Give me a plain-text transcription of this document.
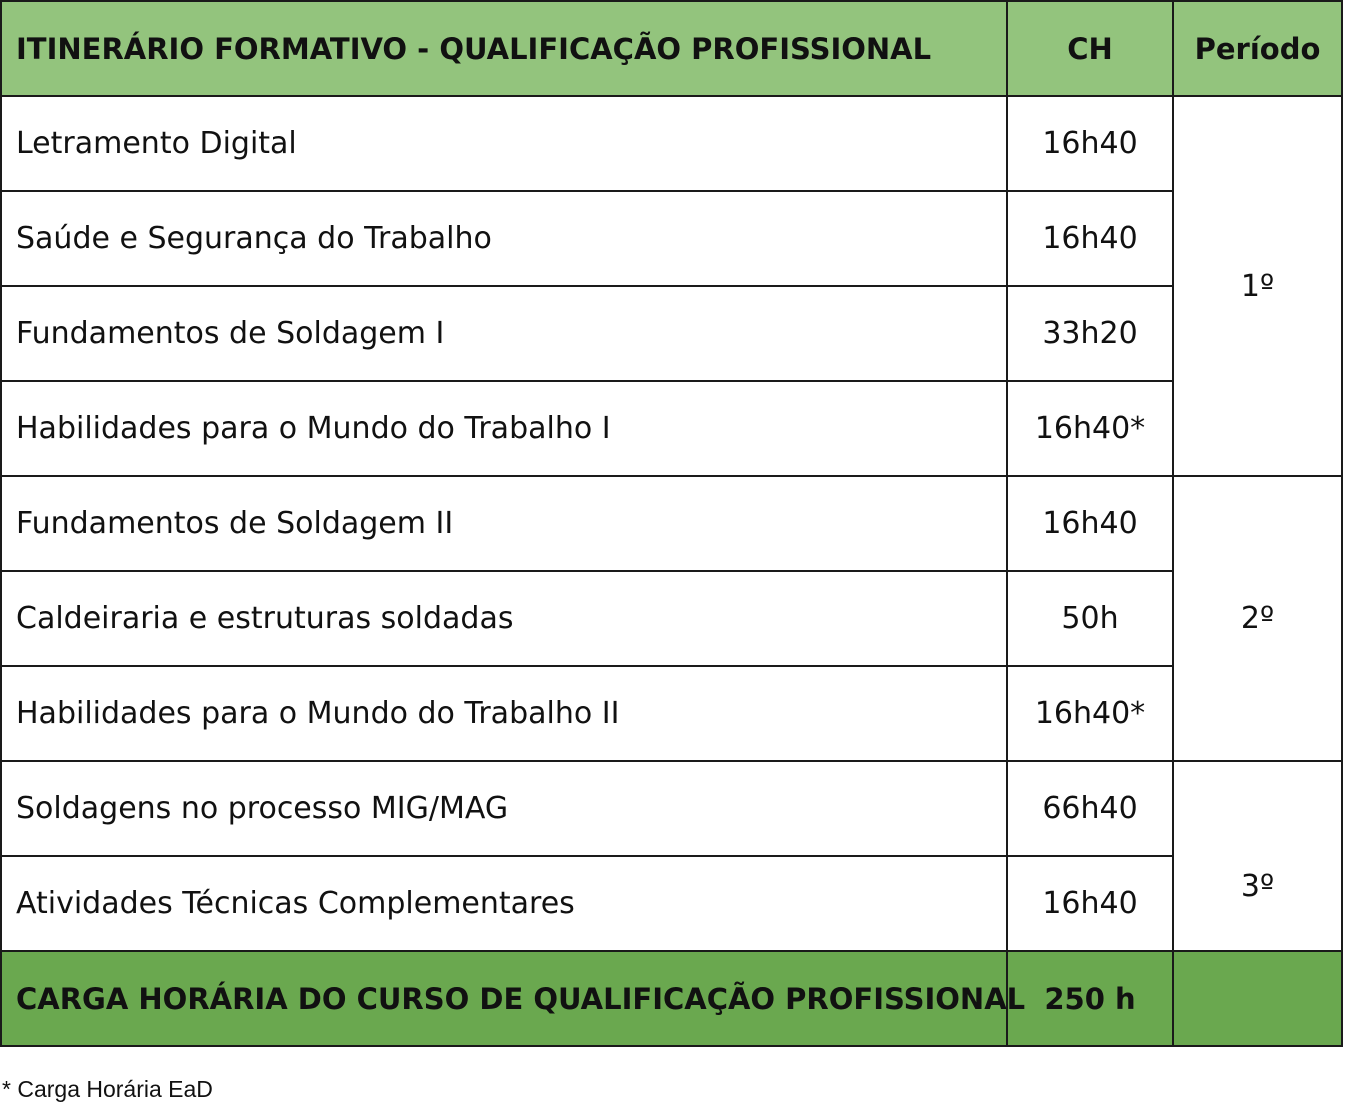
ITINERÁRIO FORMATIVO - QUALIFICAÇÃO PROFISSIONAL	CH	Período
Letramento Digital	16h40	1º
Saúde e Segurança do Trabalho	16h40	
Fundamentos de Soldagem I	33h20	
Habilidades para o Mundo do Trabalho I	16h40*	
Fundamentos de Soldagem II	16h40	2º
Caldeiraria e estruturas soldadas	50h	
Habilidades para o Mundo do Trabalho II	16h40*	
Soldagens no processo MIG/MAG	66h40	3º
Atividades Técnicas Complementares	16h40	
CARGA HORÁRIA DO CURSO DE QUALIFICAÇÃO PROFISSIONAL	250 h	
* Carga Horária EaD
